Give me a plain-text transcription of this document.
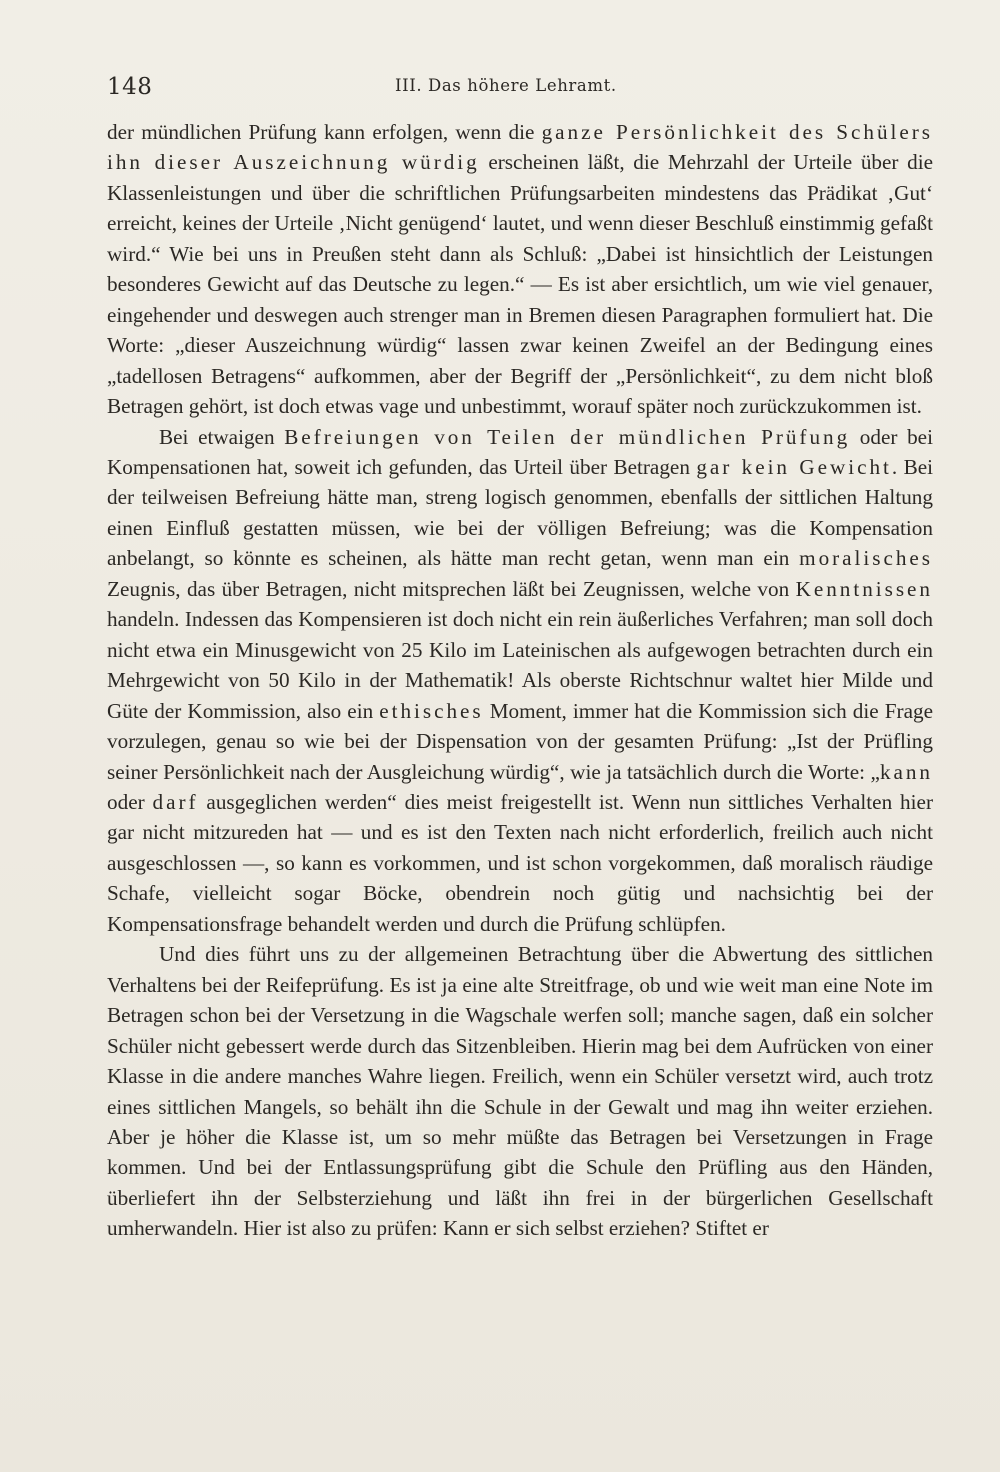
148	III. Das höhere Lehramt.

der mündlichen Prüfung kann erfolgen, wenn die ganze Persönlichkeit des Schülers ihn dieser Auszeichnung würdig erscheinen läßt, die Mehrzahl der Urteile über die Klassenleistungen und über die schriftlichen Prüfungsarbeiten mindestens das Prädikat ‚Gut‘ erreicht, keines der Urteile ‚Nicht genügend‘ lautet, und wenn dieser Beschluß einstimmig gefaßt wird.“ Wie bei uns in Preußen steht dann als Schluß: „Dabei ist hinsichtlich der Leistungen besonderes Gewicht auf das Deutsche zu legen.“ — Es ist aber ersichtlich, um wie viel genauer, eingehender und deswegen auch strenger man in Bremen diesen Paragraphen formuliert hat. Die Worte: „dieser Auszeichnung würdig“ lassen zwar keinen Zweifel an der Bedingung eines „tadellosen Betragens“ aufkommen, aber der Begriff der „Persönlichkeit“, zu dem nicht bloß Betragen gehört, ist doch etwas vage und unbestimmt, worauf später noch zurückzukommen ist.

Bei etwaigen Befreiungen von Teilen der mündlichen Prüfung oder bei Kompensationen hat, soweit ich gefunden, das Urteil über Betragen gar kein Gewicht. Bei der teilweisen Befreiung hätte man, streng logisch genommen, ebenfalls der sittlichen Haltung einen Einfluß gestatten müssen, wie bei der völligen Befreiung; was die Kompensation anbelangt, so könnte es scheinen, als hätte man recht getan, wenn man ein moralisches Zeugnis, das über Betragen, nicht mitsprechen läßt bei Zeugnissen, welche von Kenntnissen handeln. Indessen das Kompensieren ist doch nicht ein rein äußerliches Verfahren; man soll doch nicht etwa ein Minusgewicht von 25 Kilo im Lateinischen als aufgewogen betrachten durch ein Mehrgewicht von 50 Kilo in der Mathematik! Als oberste Richtschnur waltet hier Milde und Güte der Kommission, also ein ethisches Moment, immer hat die Kommission sich die Frage vorzulegen, genau so wie bei der Dispensation von der gesamten Prüfung: „Ist der Prüfling seiner Persönlichkeit nach der Ausgleichung würdig“, wie ja tatsächlich durch die Worte: „kann oder darf ausgeglichen werden“ dies meist freigestellt ist. Wenn nun sittliches Verhalten hier gar nicht mitzureden hat — und es ist den Texten nach nicht erforderlich, freilich auch nicht ausgeschlossen —, so kann es vorkommen, und ist schon vorgekommen, daß moralisch räudige Schafe, vielleicht sogar Böcke, obendrein noch gütig und nachsichtig bei der Kompensationsfrage behandelt werden und durch die Prüfung schlüpfen.

Und dies führt uns zu der allgemeinen Betrachtung über die Abwertung des sittlichen Verhaltens bei der Reifeprüfung. Es ist ja eine alte Streitfrage, ob und wie weit man eine Note im Betragen schon bei der Versetzung in die Wagschale werfen soll; manche sagen, daß ein solcher Schüler nicht gebessert werde durch das Sitzenbleiben. Hierin mag bei dem Aufrücken von einer Klasse in die andere manches Wahre liegen. Freilich, wenn ein Schüler versetzt wird, auch trotz eines sittlichen Mangels, so behält ihn die Schule in der Gewalt und mag ihn weiter erziehen. Aber je höher die Klasse ist, um so mehr müßte das Betragen bei Versetzungen in Frage kommen. Und bei der Entlassungsprüfung gibt die Schule den Prüfling aus den Händen, überliefert ihn der Selbsterziehung und läßt ihn frei in der bürgerlichen Gesellschaft umherwandeln. Hier ist also zu prüfen: Kann er sich selbst erziehen? Stiftet er
